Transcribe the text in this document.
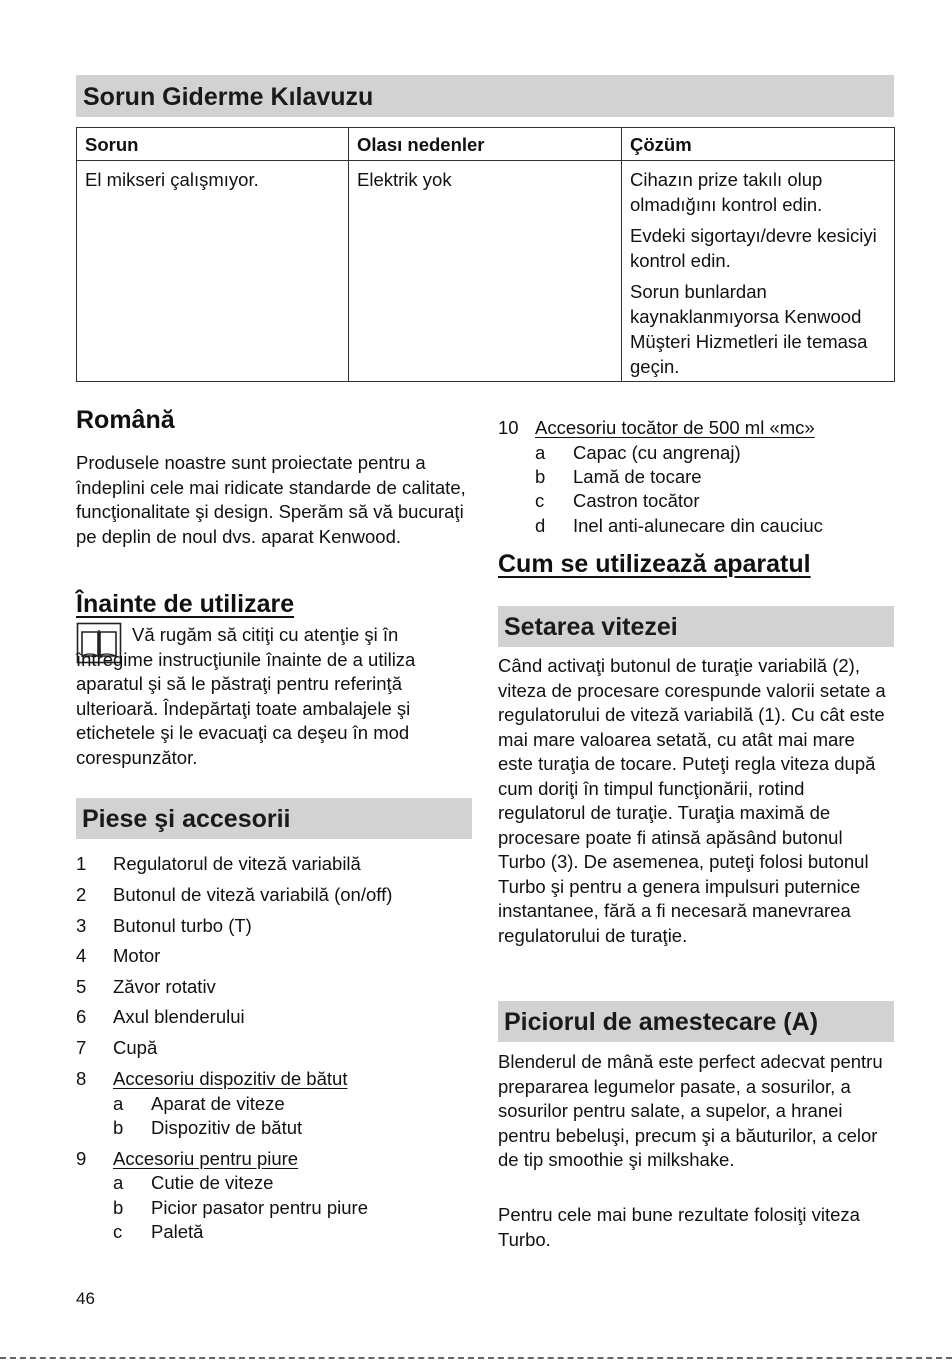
Sorun Giderme Kılavuzu
Sorun	Olası nedenler	Çözüm
El mikseri çalışmıyor.	Elektrik yok	Cihazın prize takılı olup olmadığını kontrol edin.

Evdeki sigortayı/devre kesiciyi kontrol edin.

Sorun bunlardan kaynaklanmıyorsa Kenwood Müşteri Hizmetleri ile temasa geçin.

Română

Produsele noastre sunt proiectate pentru a îndeplini cele mai ridicate standarde de calitate, funcţionalitate şi design. Sperăm să vă bucuraţi pe deplin de noul dvs. aparat Kenwood.

Înainte de utilizare

Vă rugăm să citiţi cu atenţie şi în întregime instrucţiunile înainte de a utiliza aparatul şi să le păstraţi pentru referinţă ulterioară. Îndepărtaţi toate ambalajele şi etichetele şi le evacuaţi ca deşeu în mod corespunzător.

Piese şi accesorii
1 Regulatorul de viteză variabilă
2 Butonul de viteză variabilă (on/off)
3 Butonul turbo (T)
4 Motor
5 Zăvor rotativ
6 Axul blenderului
7 Cupă
8 Accesoriu dispozitiv de bătut
a Aparat de viteze
b Dispozitiv de bătut
9 Accesoriu pentru piure
a Cutie de viteze
b Picior pasator pentru piure
c Paletă
46
10 Accesoriu tocător de 500 ml «mc»
a Capac (cu angrenaj)
b Lamă de tocare
c Castron tocător
d Inel anti-alunecare din cauciuc
Cum se utilizează aparatul
Setarea vitezei

Când activaţi butonul de turaţie variabilă (2), viteza de procesare corespunde valorii setate a regulatorului de viteză variabilă (1). Cu cât este mai mare valoarea setată, cu atât mai mare este turaţia de tocare. Puteţi regla viteza după cum doriţi în timpul funcţionării, rotind regulatorul de turaţie. Turaţia maximă de procesare poate fi atinsă apăsând butonul Turbo (3). De asemenea, puteţi folosi butonul Turbo şi pentru a genera impulsuri puternice instantanee, fără a fi necesară manevrarea regulatorului de turaţie.

Piciorul de amestecare (A)

Blenderul de mână este perfect adecvat pentru prepararea legumelor pasate, a sosurilor, a sosurilor pentru salate, a supelor, a hranei pentru bebeluşi, precum şi a băuturilor, a celor de tip smoothie şi milkshake.

Pentru cele mai bune rezultate folosiţi viteza Turbo.
